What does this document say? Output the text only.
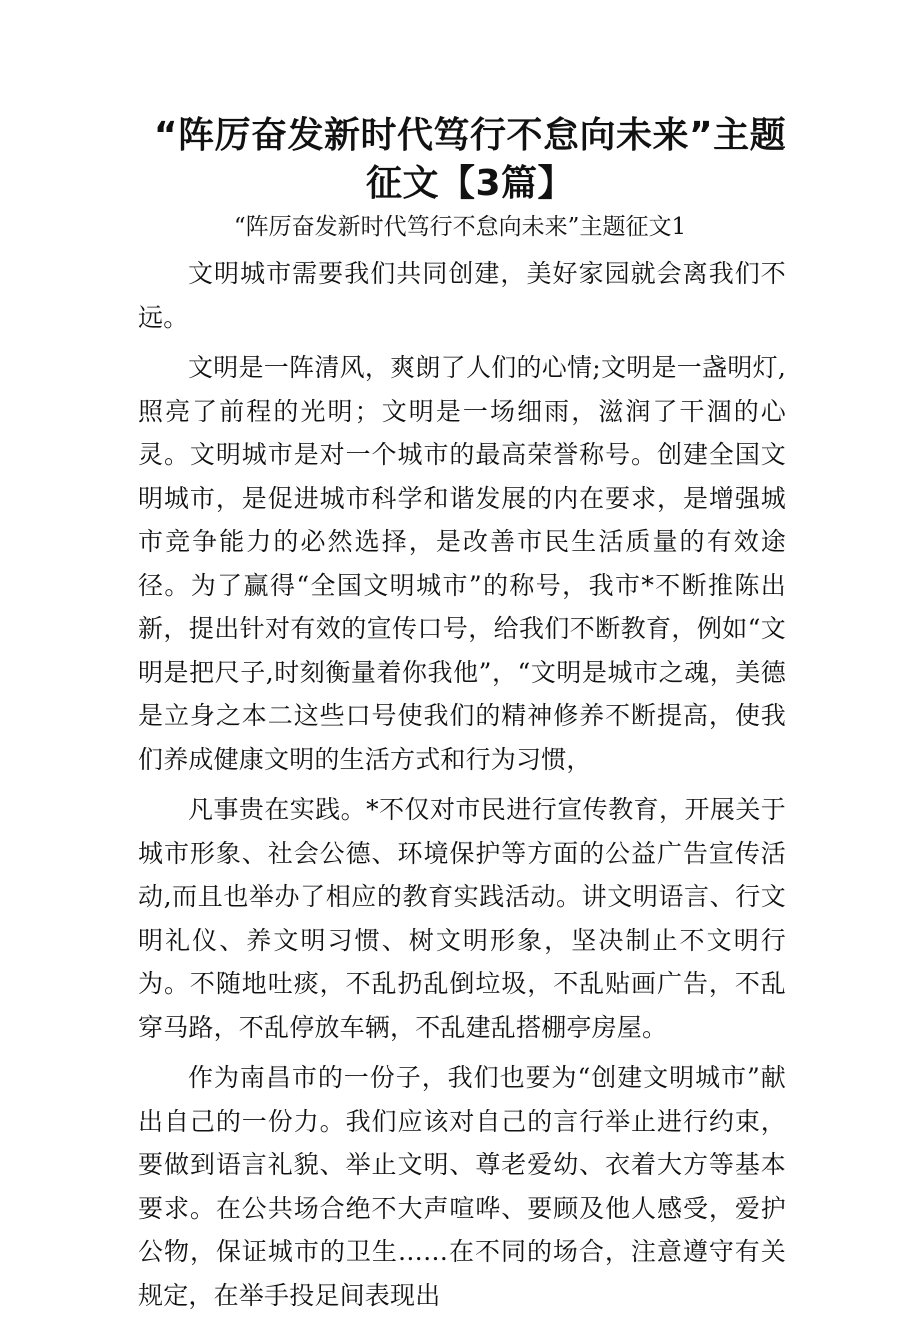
“阵厉奋发新时代笃行不怠向未来”主题征文【3篇】

“阵厉奋发新时代笃行不怠向未来”主题征文1

文明城市需要我们共同创建，美好家园就会离我们不远。

文明是一阵清风，爽朗了人们的心情;文明是一盏明灯,照亮了前程的光明；文明是一场细雨，滋润了干涸的心灵。文明城市是对一个城市的最高荣誉称号。创建全国文明城市，是促进城市科学和谐发展的内在要求，是增强城市竞争能力的必然选择，是改善市民生活质量的有效途径。为了赢得“全国文明城市”的称号，我市*不断推陈出新，提出针对有效的宣传口号，给我们不断教育，例如“文明是把尺子,时刻衡量着你我他”，“文明是城市之魂，美德是立身之本二这些口号使我们的精神修养不断提高，使我们养成健康文明的生活方式和行为习惯，

凡事贵在实践。*不仅对市民进行宣传教育，开展关于城市形象、社会公德、环境保护等方面的公益广告宣传活动,而且也举办了相应的教育实践活动。讲文明语言、行文明礼仪、养文明习惯、树文明形象，坚决制止不文明行为。不随地吐痰，不乱扔乱倒垃圾，不乱贴画广告，不乱穿马路，不乱停放车辆，不乱建乱搭棚亭房屋。

作为南昌市的一份子，我们也要为“创建文明城市”献出自己的一份力。我们应该对自己的言行举止进行约束，要做到语言礼貌、举止文明、尊老爱幼、衣着大方等基本要求。在公共场合绝不大声喧哗、要顾及他人感受，爱护公物，保证城市的卫生……在不同的场合，注意遵守有关规定，在举手投足间表现出
